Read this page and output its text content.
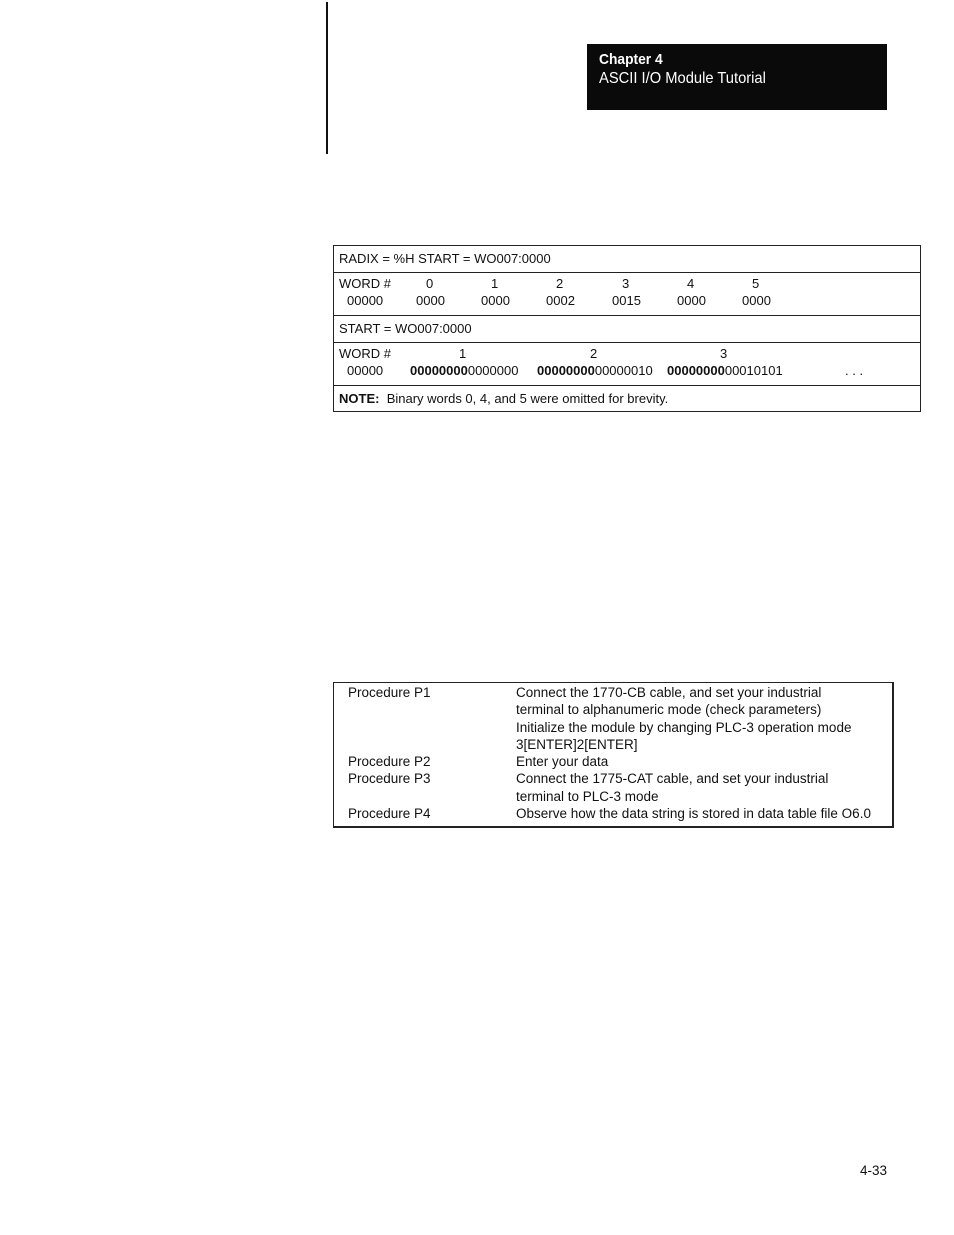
Chapter 4
ASCII I/O Module Tutorial
RADIX = %H START = WO007:0000
WORD #	0	1	2	3	4	5
00000	0000	0000	0002	0015	0000	0000
START = WO007:0000
WORD #	1	2	3
00000 000000000000000 0000000000000010 0000000000010101	. . .
NOTE: Binary words 0, 4, and 5 were omitted for brevity.
Procedure P1	Connect the 1770-CB cable, and set your industrial
terminal to alphanumeric mode (check parameters)
Initialize the module by changing PLC-3 operation mode
3[ENTER]2[ENTER]
Procedure P2	Enter your data
Procedure P3	Connect the 1775-CAT cable, and set your industrial
terminal to PLC-3 mode
Procedure P4	Observe how the data string is stored in data table file O6.0
4-33
